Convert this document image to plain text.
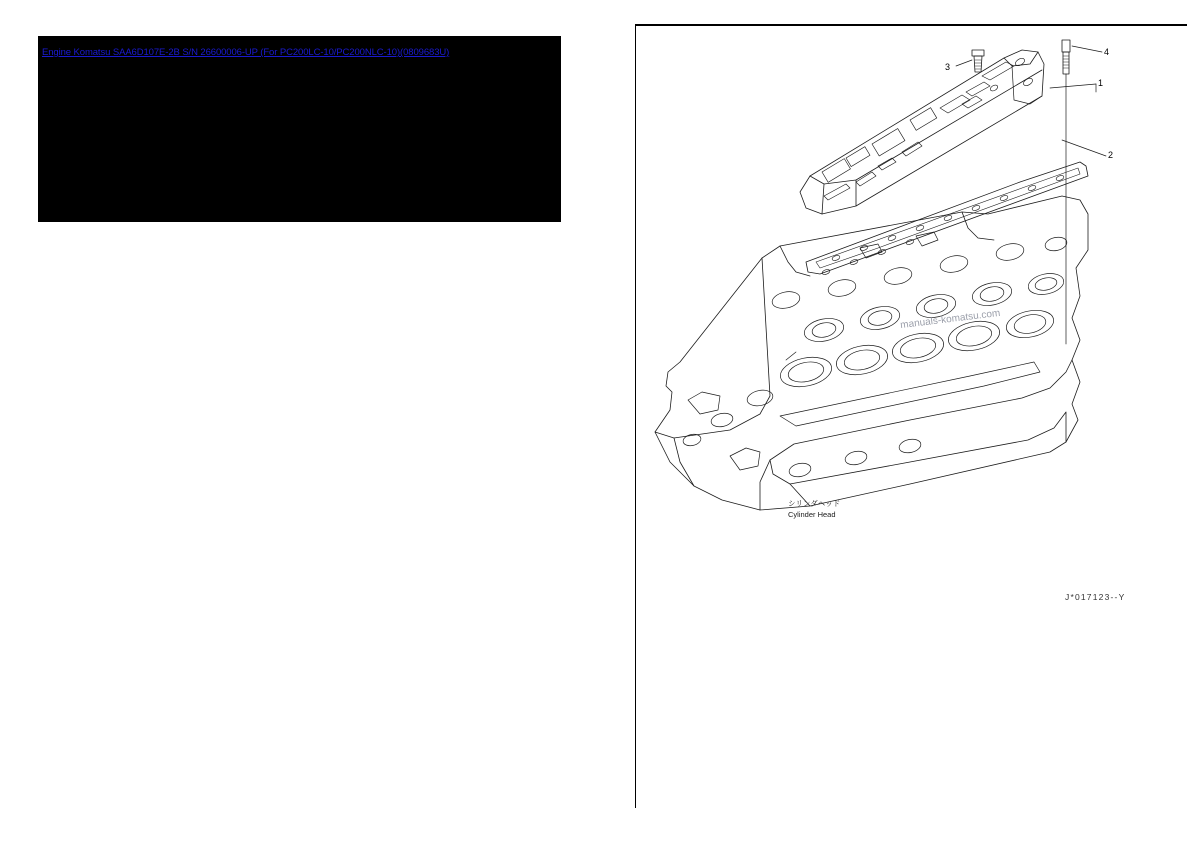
Engine Komatsu SAA6D107E-2B S/N 26600006-UP (For PC200LC-10/PC200NLC-10)(0809683U)
manuals-komatsu.com
シリンダヘッド
Cylinder Head
J*017123--Y
1
2
3
4
